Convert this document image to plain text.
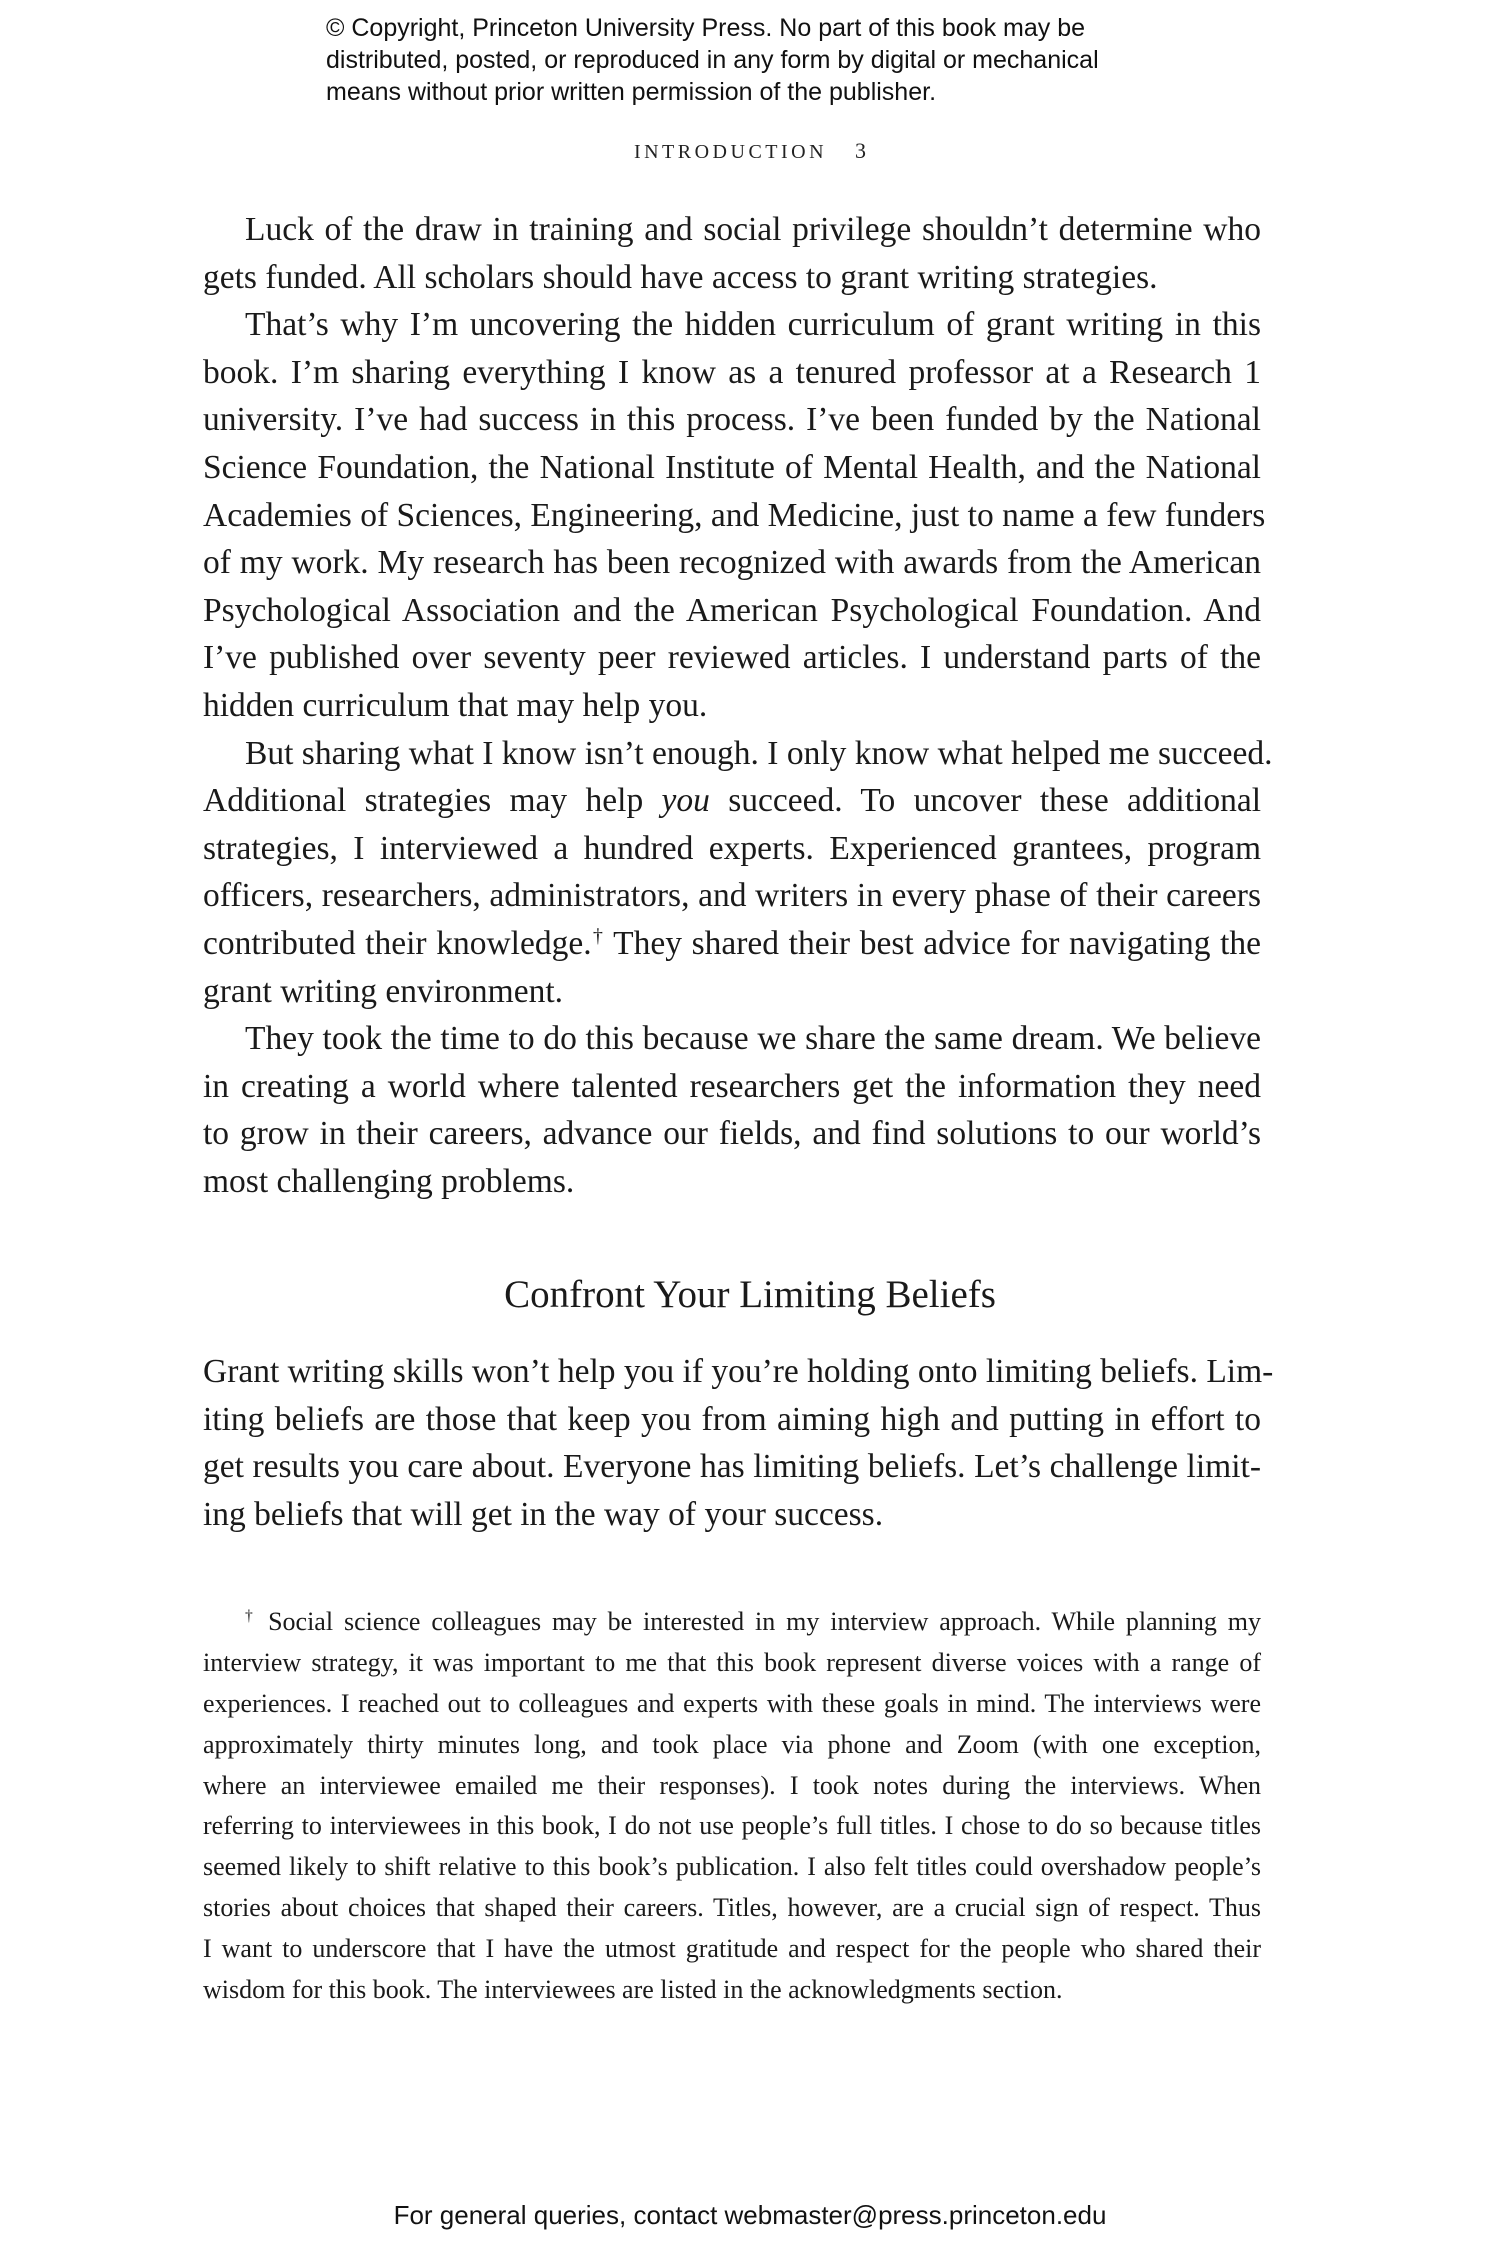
© Copyright, Princeton University Press. No part of this book may be
distributed, posted, or reproduced in any form by digital or mechanical
means without prior written permission of the publisher.
INTRODUCTION 3
Luck of the draw in training and social privilege shouldn’t determine who
gets funded. All scholars should have access to grant writing strategies.
That’s why I’m uncovering the hidden curriculum of grant writing in this
book. I’m sharing everything I know as a tenured professor at a Research 1
university. I’ve had success in this process. I’ve been funded by the National
Science Foundation, the National Institute of Mental Health, and the National
Academies of Sciences, Engineering, and Medicine, just to name a few funders
of my work. My research has been recognized with awards from the American
Psychological Association and the American Psychological Foundation. And
I’ve published over seventy peer reviewed articles. I understand parts of the
hidden curriculum that may help you.
But sharing what I know isn’t enough. I only know what helped me succeed.
Additional strategies may help you succeed. To uncover these additional
strategies, I interviewed a hundred experts. Experienced grantees, program
officers, researchers, administrators, and writers in every phase of their careers
contributed their knowledge.† They shared their best advice for navigating the
grant writing environment.
They took the time to do this because we share the same dream. We believe
in creating a world where talented researchers get the information they need
to grow in their careers, advance our fields, and find solutions to our world’s
most challenging problems.
Confront Your Limiting Beliefs
Grant writing skills won’t help you if you’re holding onto limiting beliefs. Lim-
iting beliefs are those that keep you from aiming high and putting in effort to
get results you care about. Everyone has limiting beliefs. Let’s challenge limit-
ing beliefs that will get in the way of your success.
† Social science colleagues may be interested in my interview approach. While planning my
interview strategy, it was important to me that this book represent diverse voices with a range of
experiences. I reached out to colleagues and experts with these goals in mind. The interviews were
approximately thirty minutes long, and took place via phone and Zoom (with one exception,
where an interviewee emailed me their responses). I took notes during the interviews. When
referring to interviewees in this book, I do not use people’s full titles. I chose to do so because titles
seemed likely to shift relative to this book’s publication. I also felt titles could overshadow people’s
stories about choices that shaped their careers. Titles, however, are a crucial sign of respect. Thus
I want to underscore that I have the utmost gratitude and respect for the people who shared their
wisdom for this book. The interviewees are listed in the acknowledgments section.
For general queries, contact webmaster@press.princeton.edu
